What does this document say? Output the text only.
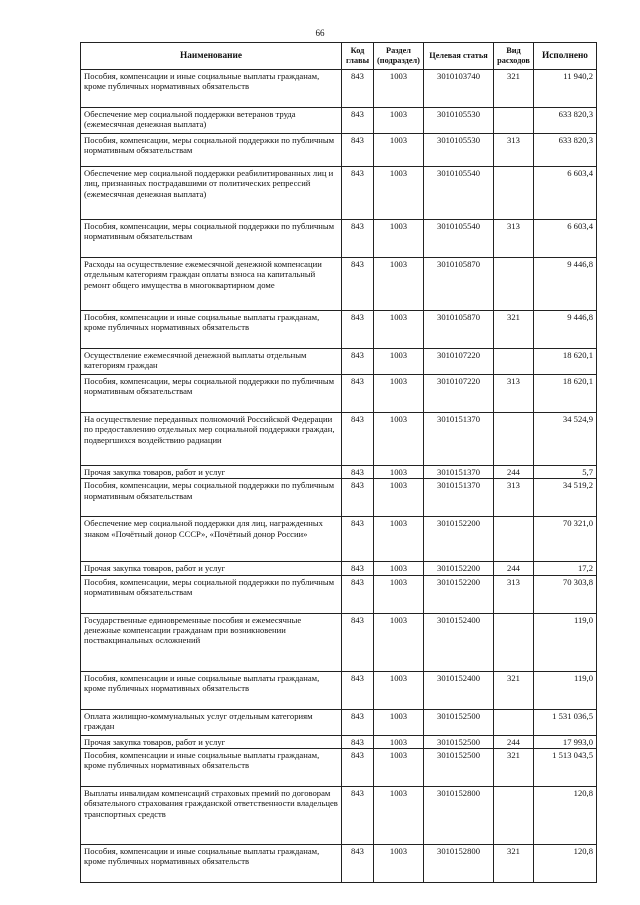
66
Наименование	Код главы	Раздел (подраздел)	Целевая статья	Вид расходов	Исполнено
Пособия, компенсации и иные социальные выплаты гражданам, кроме публичных нормативных обязательств	843	1003	3010103740	321	11 940,2
Обеспечение мер социальной поддержки ветеранов труда (ежемесячная денежная выплата)	843	1003	3010105530		633 820,3
Пособия, компенсации, меры социальной поддержки по публичным нормативным обязательствам	843	1003	3010105530	313	633 820,3
Обеспечение мер социальной поддержки реабилитированных лиц и лиц, признанных пострадавшими от политических репрессий (ежемесячная денежная выплата)	843	1003	3010105540		6 603,4
Пособия, компенсации, меры социальной поддержки по публичным нормативным обязательствам	843	1003	3010105540	313	6 603,4
Расходы на осуществление ежемесячной денежной компенсации отдельным категориям граждан оплаты взноса на капитальный ремонт общего имущества в многоквартирном доме	843	1003	3010105870		9 446,8
Пособия, компенсации и иные социальные выплаты гражданам, кроме публичных нормативных обязательств	843	1003	3010105870	321	9 446,8
Осуществление ежемесячной денежной выплаты отдельным категориям граждан	843	1003	3010107220		18 620,1
Пособия, компенсации, меры социальной поддержки по публичным нормативным обязательствам	843	1003	3010107220	313	18 620,1
На осуществление переданных полномочий Российской Федерации по предоставлению отдельных мер социальной поддержки граждан, подвергшихся воздействию радиации	843	1003	3010151370		34 524,9
Прочая закупка товаров, работ и услуг	843	1003	3010151370	244	5,7
Пособия, компенсации, меры социальной поддержки по публичным нормативным обязательствам	843	1003	3010151370	313	34 519,2
Обеспечение мер социальной поддержки для лиц, награжденных знаком «Почётный донор СССР», «Почётный донор России»	843	1003	3010152200		70 321,0
Прочая закупка товаров, работ и услуг	843	1003	3010152200	244	17,2
Пособия, компенсации, меры социальной поддержки по публичным нормативным обязательствам	843	1003	3010152200	313	70 303,8
Государственные единовременные пособия и ежемесячные денежные компенсации гражданам при возникновении поствакцинальных осложнений	843	1003	3010152400		119,0
Пособия, компенсации и иные социальные выплаты гражданам, кроме публичных нормативных обязательств	843	1003	3010152400	321	119,0
Оплата жилищно-коммунальных услуг отдельным категориям граждан	843	1003	3010152500		1 531 036,5
Прочая закупка товаров, работ и услуг	843	1003	3010152500	244	17 993,0
Пособия, компенсации и иные социальные выплаты гражданам, кроме публичных нормативных обязательств	843	1003	3010152500	321	1 513 043,5
Выплаты инвалидам компенсаций страховых премий по договорам обязательного страхования гражданской ответственности владельцев транспортных средств	843	1003	3010152800		120,8
Пособия, компенсации и иные социальные выплаты гражданам, кроме публичных нормативных обязательств	843	1003	3010152800	321	120,8
